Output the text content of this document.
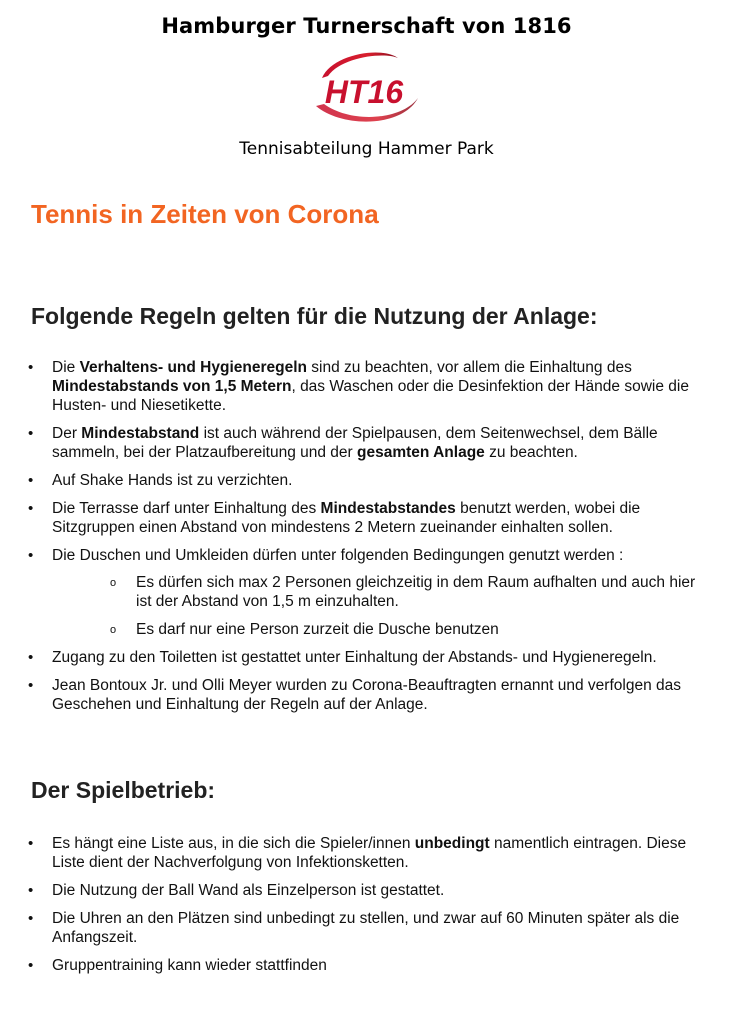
Hamburger Turnerschaft von 1816
HT16
Tennisabteilung Hammer Park
Tennis in Zeiten von Corona
Folgende Regeln gelten für die Nutzung der Anlage:
• Die Verhaltens- und Hygieneregeln sind zu beachten, vor allem die Einhaltung des Mindestabstands von 1,5 Metern, das Waschen oder die Desinfektion der Hände sowie die Husten- und Niesetikette.
• Der Mindestabstand ist auch während der Spielpausen, dem Seitenwechsel, dem Bälle sammeln, bei der Platzaufbereitung und der gesamten Anlage zu beachten.
• Auf Shake Hands ist zu verzichten.
• Die Terrasse darf unter Einhaltung des Mindestabstandes benutzt werden, wobei die Sitzgruppen einen Abstand von mindestens 2 Metern zueinander einhalten sollen.
• Die Duschen und Umkleiden dürfen unter folgenden Bedingungen genutzt werden :
o Es dürfen sich max 2 Personen gleichzeitig in dem Raum aufhalten und auch hier ist der Abstand von 1,5 m einzuhalten.
o Es darf nur eine Person zurzeit die Dusche benutzen
• Zugang zu den Toiletten ist gestattet unter Einhaltung der Abstands- und Hygieneregeln.
• Jean Bontoux Jr. und Olli Meyer wurden zu Corona-Beauftragten ernannt und verfolgen das Geschehen und Einhaltung der Regeln auf der Anlage.
Der Spielbetrieb:
• Es hängt eine Liste aus, in die sich die Spieler/innen unbedingt namentlich eintragen. Diese Liste dient der Nachverfolgung von Infektionsketten.
• Die Nutzung der Ball Wand als Einzelperson ist gestattet.
• Die Uhren an den Plätzen sind unbedingt zu stellen, und zwar auf 60 Minuten später als die Anfangszeit.
• Gruppentraining kann wieder stattfinden
